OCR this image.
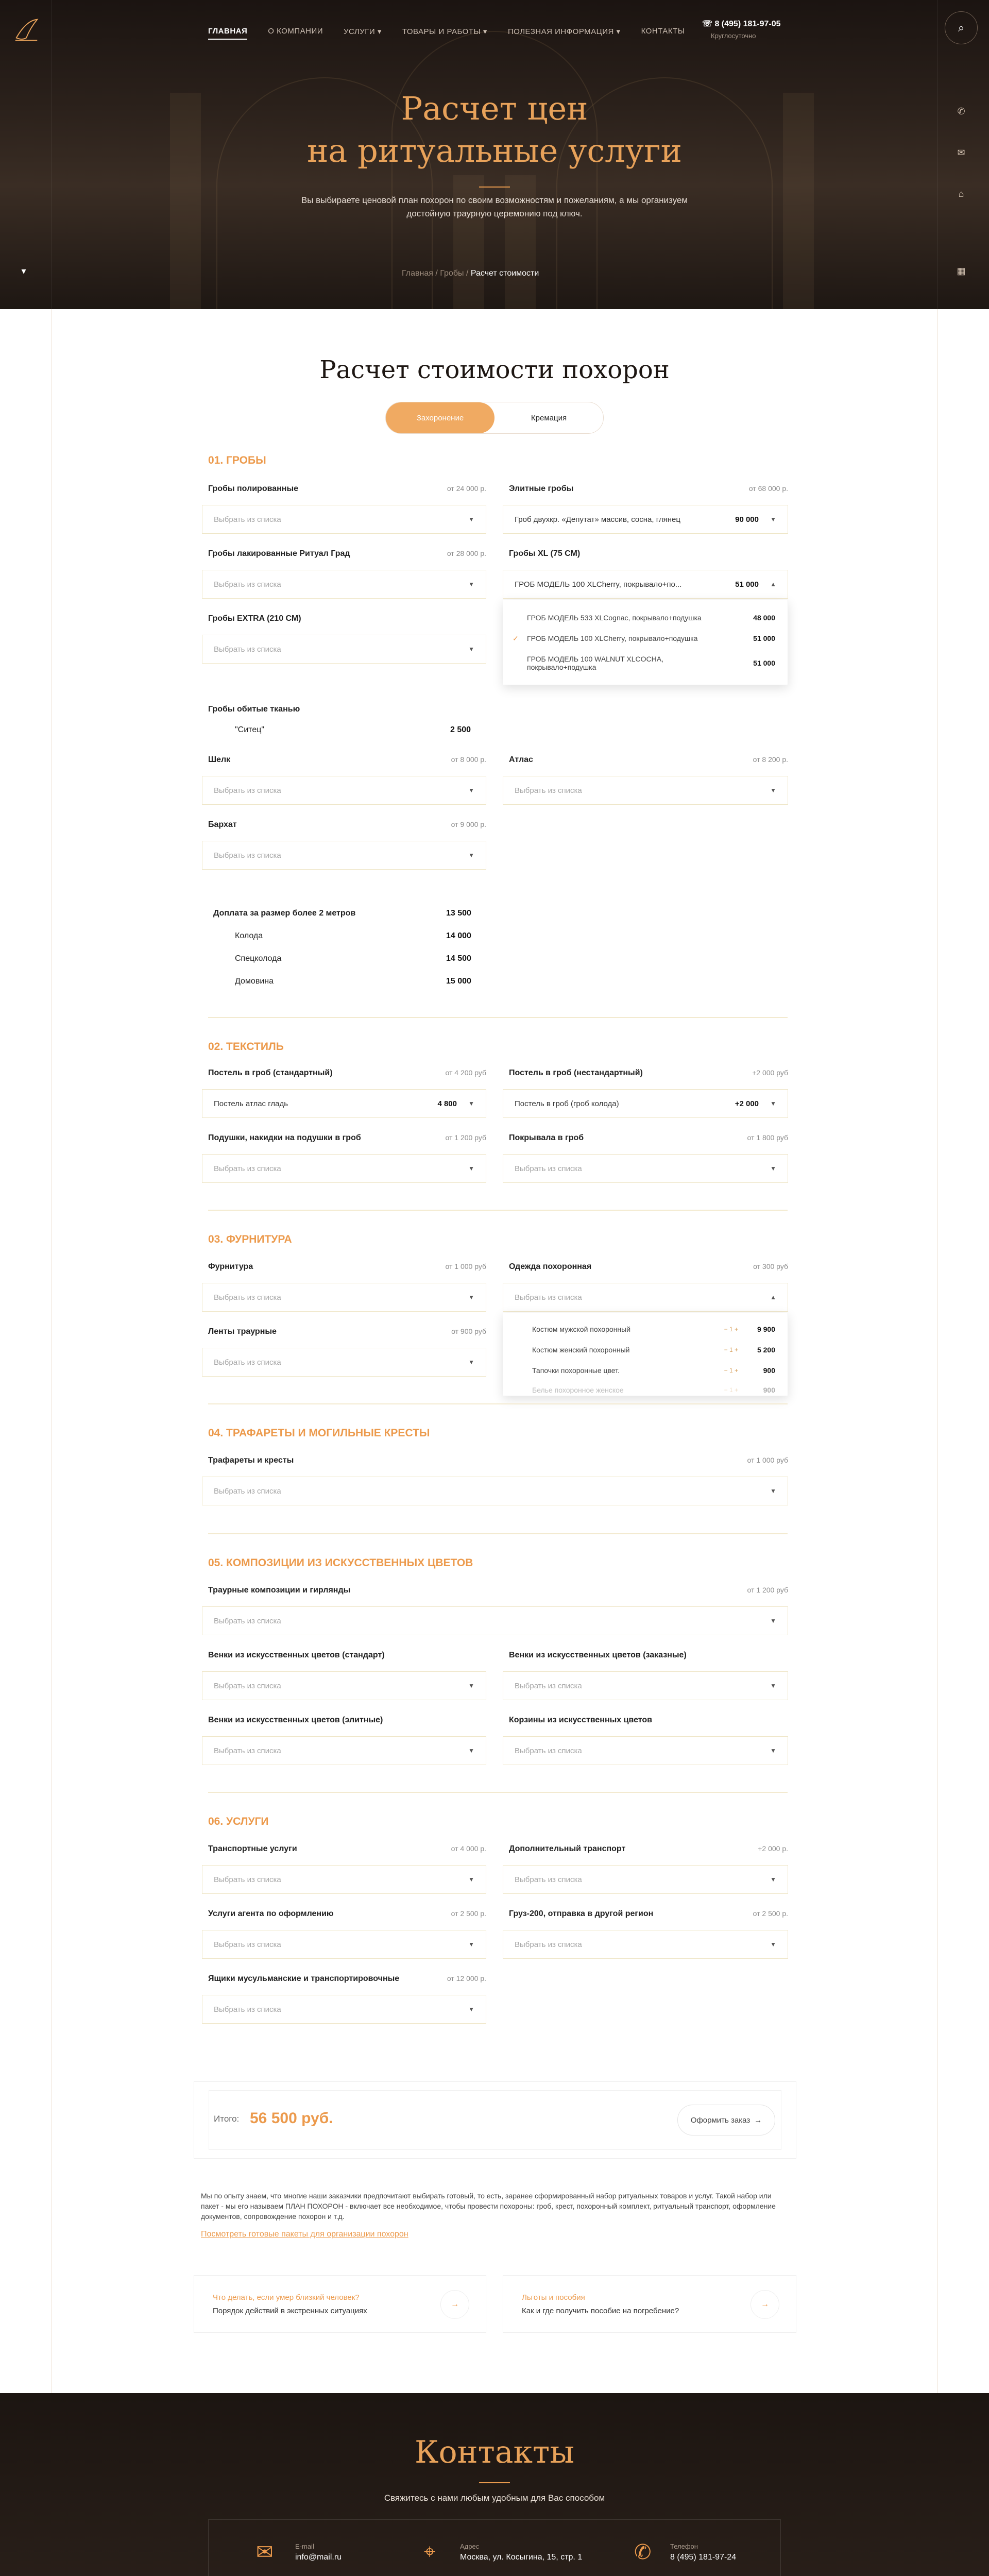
ГЛАВНАЯ	О КОМПАНИИ	УСЛУГИ ▾	ТОВАРЫ И РАБОТЫ ▾	ПОЛЕЗНАЯ ИНФОРМАЦИЯ ▾	КОНТАКТЫ
☏ 8 (495) 181-97-05
Круглосуточно
⌕
✆
✉
⌂
▦
▾
Расчет цен
на ритуальные услуги
Вы выбираете ценовой план похорон по своим возможностям и пожеланиям, а мы организуем достойную траурную церемонию под ключ.
Главная / Гробы / Расчет стоимости
Расчет стоимости похорон
Захоронение	Кремация
01. ГРОБЫ
Гробы полированные	от 24 000 р.
Выбрать из списка	▼
Элитные гробы	от 68 000 р.
Гроб двухкр. «Депутат» массив, сосна, глянец	90 000 ▼
Гробы лакированные Ритуал Град	от 28 000 р.
Выбрать из списка	▼
Гробы XL (75 СМ)
ГРОБ МОДЕЛЬ 100 XLCherry, покрывало+по...	51 000 ▲
ГРОБ МОДЕЛЬ 533 XLCognac, покрывало+подушка	48 000
✓ ГРОБ МОДЕЛЬ 100 XLCherry, покрывало+подушка	51 000
ГРОБ МОДЕЛЬ 100 WALNUT XLCOCHA, покрывало+подушка	51 000
Гробы EXTRA (210 СМ)
Выбрать из списка	▼
Гробы обитые тканью
"Ситец"	2 500
Шелк	от 8 000 р.
Выбрать из списка	▼
Атлас	от 8 200 р.
Выбрать из списка	▼
Бархат	от 9 000 р.
Выбрать из списка	▼
Доплата за размер более 2 метров	13 500
Колода	14 000
Спецколода	14 500
Домовина	15 000
02. ТЕКСТИЛЬ
Постель в гроб (стандартный)	от 4 200 руб
Постель атлас гладь	4 800 ▼
Постель в гроб (нестандартный)	+2 000 руб
Постель в гроб (гроб колода)	+2 000 ▼
Подушки, накидки на подушки в гроб	от 1 200 руб
Выбрать из списка	▼
Покрывала в гроб	от 1 800 руб
Выбрать из списка	▼
03. ФУРНИТУРА
Фурнитура	от 1 000 руб
Выбрать из списка	▼
Одежда похоронная	от 300 руб
Выбрать из списка	▲
Костюм мужской похоронный	− 1 +	9 900
Костюм женский похоронный	− 1 +	5 200
Тапочки похоронные цвет.	− 1 +	900
Белье похоронное женское	− 1 +	900
Ленты траурные	от 900 руб
Выбрать из списка	▼
04. ТРАФАРЕТЫ И МОГИЛЬНЫЕ КРЕСТЫ
Трафареты и кресты	от 1 000 руб
Выбрать из списка	▼
05. КОМПОЗИЦИИ ИЗ ИСКУССТВЕННЫХ ЦВЕТОВ
Траурные композиции и гирлянды	от 1 200 руб
Выбрать из списка	▼
Венки из искусственных цветов (стандарт)
Выбрать из списка	▼
Венки из искусственных цветов (заказные)
Выбрать из списка	▼
Венки из искусственных цветов (элитные)
Выбрать из списка	▼
Корзины из искусственных цветов
Выбрать из списка	▼
06. УСЛУГИ
Транспортные услуги	от 4 000 р.
Выбрать из списка	▼
Дополнительный транспорт	+2 000 р.
Выбрать из списка	▼
Услуги агента по оформлению	от 2 500 р.
Выбрать из списка	▼
Груз-200, отправка в другой регион	от 2 500 р.
Выбрать из списка	▼
Ящики мусульманские и транспортировочные	от 12 000 р.
Выбрать из списка	▼
Итого: 56 500 руб.	Оформить заказ →
Мы по опыту знаем, что многие наши заказчики предпочитают выбирать готовый, то есть, заранее сформированный набор ритуальных товаров и услуг. Такой набор или пакет - мы его называем ПЛАН ПОХОРОН - включает все необходимое, чтобы провести похороны: гроб, крест, похоронный комплект, ритуальный транспорт, оформление документов, сопровождение похорон и т.д.
Посмотреть готовые пакеты для организации похорон
Что делать, если умер близкий человек?
Порядок действий в экстренных ситуациях
→
Льготы и пособия
Как и где получить пособие на погребение?
→
Контакты
Свяжитесь с нами любым удобным для Вас способом
✉	E-mail
info@mail.ru	⌖	Адрес
Москва, ул. Косыгина, 15, стр. 1	✆	Телефон
8 (495) 181-97-24
